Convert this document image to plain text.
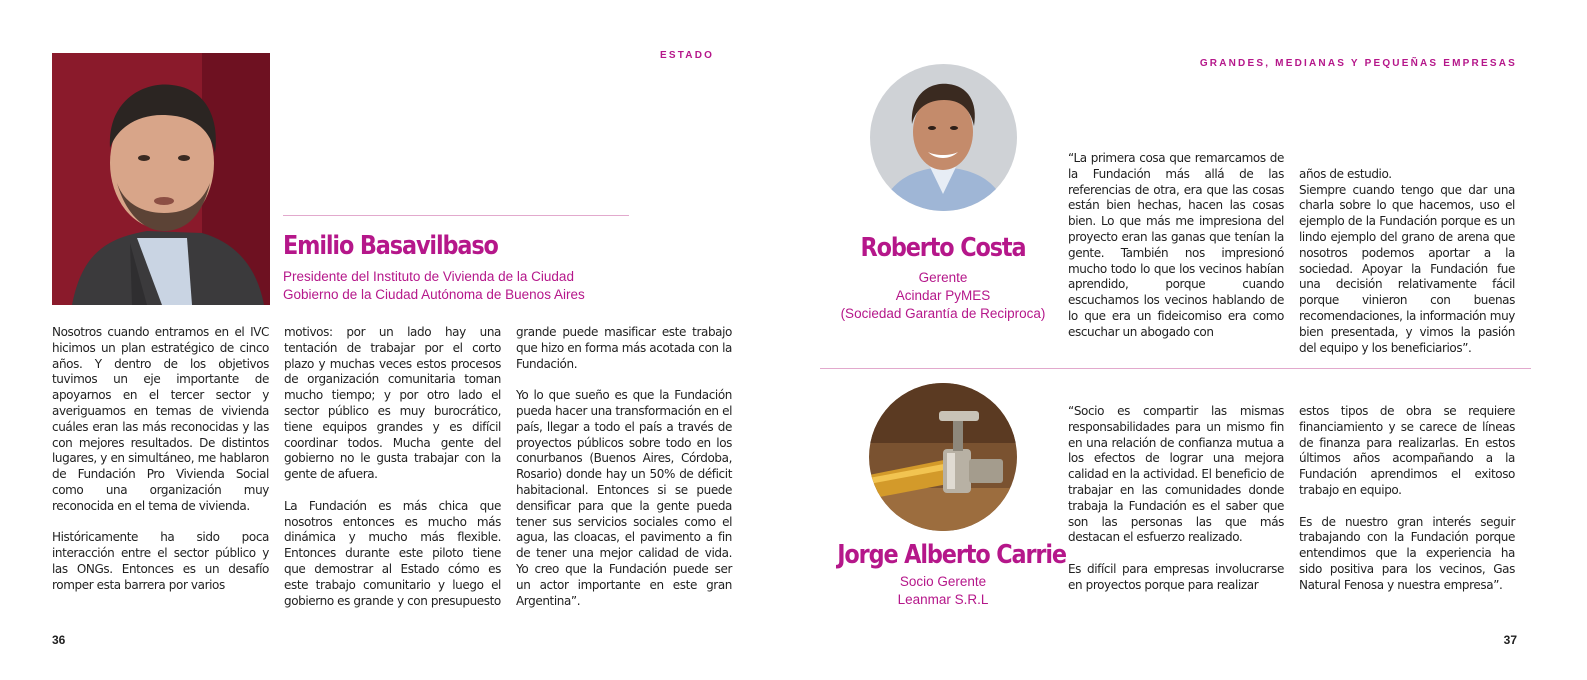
ESTADO
Emilio Basavilbaso
Presidente del Instituto de Vivienda de la Ciudad
Gobierno de la Ciudad Autónoma de Buenos Aires

Nosotros cuando entramos en el IVC hicimos un plan estratégico de cinco años. Y dentro de los objetivos tuvimos un eje importante de apoyarnos en el tercer sector y averiguamos en temas de vivienda cuáles eran las más reconocidas y las con mejores resultados. De distintos lugares, y en simultáneo, me hablaron de Fundación Pro Vivienda Social como una organización muy reconocida en el tema de vivienda.

Históricamente ha sido poca interacción entre el sector público y las ONGs. Entonces es un desafío romper esta barrera por varios

motivos: por un lado hay una tentación de trabajar por el corto plazo y muchas veces estos procesos de organización comunitaria toman mucho tiempo; y por otro lado el sector público es muy burocrático, tiene equipos grandes y es difícil coordinar todos. Mucha gente del gobierno no le gusta trabajar con la gente de afuera.

La Fundación es más chica que nosotros entonces es mucho más dinámica y mucho más flexible. Entonces durante este piloto tiene que demostrar al Estado cómo es este trabajo comunitario y luego el gobierno es grande y con presupuesto

grande puede masificar este trabajo que hizo en forma más acotada con la Fundación.

Yo lo que sueño es que la Fundación pueda hacer una transformación en el país, llegar a todo el país a través de proyectos públicos sobre todo en los conurbanos (Buenos Aires, Córdoba, Rosario) donde hay un 50% de déficit habitacional. Entonces si se puede densificar para que la gente pueda tener sus servicios sociales como el agua, las cloacas, el pavimento a fin de tener una mejor calidad de vida. Yo creo que la Fundación puede ser un actor importante en este gran Argentina”.

36
GRANDES, MEDIANAS Y PEQUEÑAS EMPRESAS
Roberto Costa
Gerente
Acindar PyMES
(Sociedad Garantía de Reciproca)

“La primera cosa que remarcamos de la Fundación más allá de las referencias de otra, era que las cosas están bien hechas, hacen las cosas bien. Lo que más me impresiona del proyecto eran las ganas que tenían la gente. También nos impresionó mucho todo lo que los vecinos habían aprendido, porque cuando escuchamos los vecinos hablando de lo que era un fideicomiso era como escuchar un abogado con

años de estudio.
Siempre cuando tengo que dar una charla sobre lo que hacemos, uso el ejemplo de la Fundación porque es un lindo ejemplo del grano de arena que nosotros podemos aportar a la sociedad. Apoyar la Fundación fue una decisión relativamente fácil porque vinieron con buenas recomendaciones, la información muy bien presentada, y vimos la pasión del equipo y los beneficiarios”.

Jorge Alberto Carrie
Socio Gerente
Leanmar S.R.L

“Socio es compartir las mismas responsabilidades para un mismo fin en una relación de confianza mutua a los efectos de lograr una mejora calidad en la actividad. El beneficio de trabajar en las comunidades donde trabaja la Fundación es el saber que son las personas las que más destacan el esfuerzo realizado.

Es difícil para empresas involucrarse en proyectos porque para realizar

estos tipos de obra se requiere financiamiento y se carece de líneas de finanza para realizarlas. En estos últimos años acompañando a la Fundación aprendimos el exitoso trabajo en equipo.

Es de nuestro gran interés seguir trabajando con la Fundación porque entendimos que la experiencia ha sido positiva para los vecinos, Gas Natural Fenosa y nuestra empresa”.

37
